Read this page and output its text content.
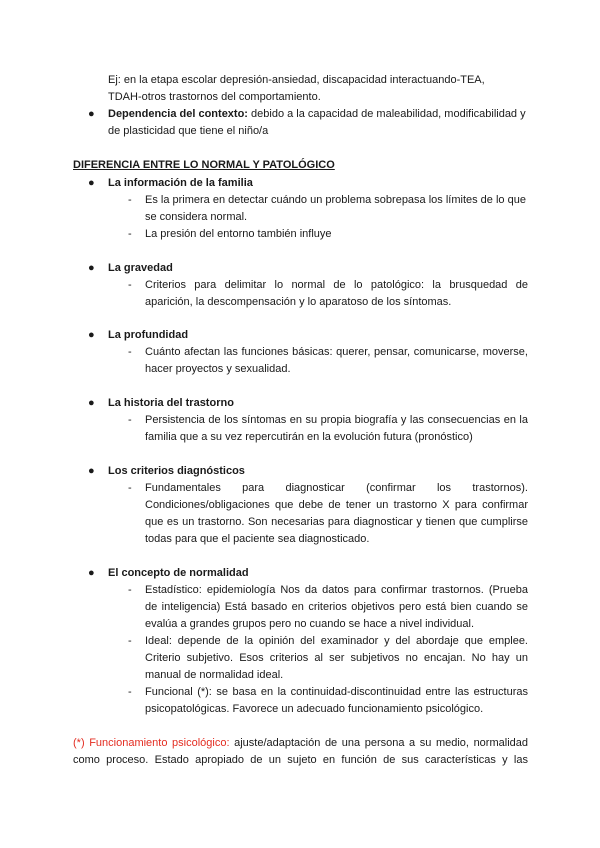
Ej: en la etapa escolar depresión-ansiedad, discapacidad interactuando-TEA,
TDAH-otros trastornos del comportamiento.
●	Dependencia del contexto: debido a la capacidad de maleabilidad, modificabilidad y
de plasticidad que tiene el niño/a
DIFERENCIA ENTRE LO NORMAL Y PATOLÓGICO
●	La información de la familia
-	Es la primera en detectar cuándo un problema sobrepasa los límites de lo que
se considera normal.
-	La presión del entorno también influye
●	La gravedad
-	Criterios para delimitar lo normal de lo patológico: la brusquedad de
aparición, la descompensación y lo aparatoso de los síntomas.
●	La profundidad
-	Cuánto afectan las funciones básicas: querer, pensar, comunicarse, moverse,
hacer proyectos y sexualidad.
●	La historia del trastorno
-	Persistencia de los síntomas en su propia biografía y las consecuencias en la
familia que a su vez repercutirán en la evolución futura (pronóstico)
●	Los criterios diagnósticos
-	Fundamentales para diagnosticar (confirmar los trastornos).
Condiciones/obligaciones que debe de tener un trastorno X para confirmar
que es un trastorno. Son necesarias para diagnosticar y tienen que cumplirse
todas para que el paciente sea diagnosticado.
●	El concepto de normalidad
-	Estadístico: epidemiología Nos da datos para confirmar trastornos. (Prueba
de inteligencia) Está basado en criterios objetivos pero está bien cuando se
evalúa a grandes grupos pero no cuando se hace a nivel individual.
-	Ideal: depende de la opinión del examinador y del abordaje que emplee.
Criterio subjetivo. Esos criterios al ser subjetivos no encajan. No hay un
manual de normalidad ideal.
-	Funcional (*): se basa en la continuidad-discontinuidad entre las estructuras
psicopatológicas. Favorece un adecuado funcionamiento psicológico.
(*) Funcionamiento psicológico: ajuste/adaptación de una persona a su medio, normalidad
como proceso. Estado apropiado de un sujeto en función de sus características y las
